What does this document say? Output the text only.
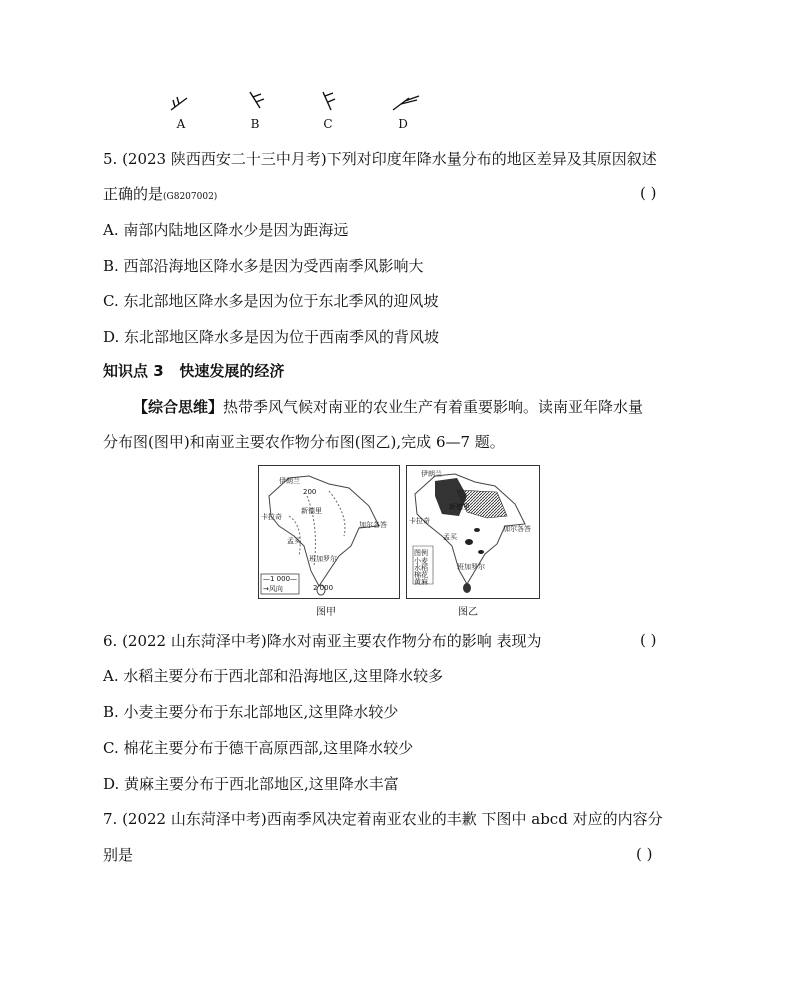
A	B	C	D
5. (2023 陕西西安二十三中月考)下列对印度年降水量分布的地区差异及其原因叙述
正确的是(G8207002)	( )
A. 南部内陆地区降水少是因为距海远
B. 西部沿海地区降水多是因为受西南季风影响大
C. 东北部地区降水多是因为位于东北季风的迎风坡
D. 东北部地区降水多是因为位于西南季风的背风坡
知识点 3 快速发展的经济
【综合思维】热带季风气候对南亚的农业生产有着重要影响。读南亚年降水量
分布图(图甲)和南亚主要农作物分布图(图乙),完成 6—7 题。
伊朗兰
200
新德里
卡拉奇
加尔各答
孟买
班加罗尔
2 000
—1 000—
→风向
图甲
伊朗兰
新德里
卡拉奇
加尔各答
孟买
班加罗尔
图例
小麦
水稻
棉花
黄麻
图乙
6. (2022 山东菏泽中考)降水对南亚主要农作物分布的影响 表现为	( )
A. 水稻主要分布于西北部和沿海地区,这里降水较多
B. 小麦主要分布于东北部地区,这里降水较少
C. 棉花主要分布于德干高原西部,这里降水较少
D. 黄麻主要分布于西北部地区,这里降水丰富
7. (2022 山东菏泽中考)西南季风决定着南亚农业的丰歉 下图中 abcd 对应的内容分
别是	( )
